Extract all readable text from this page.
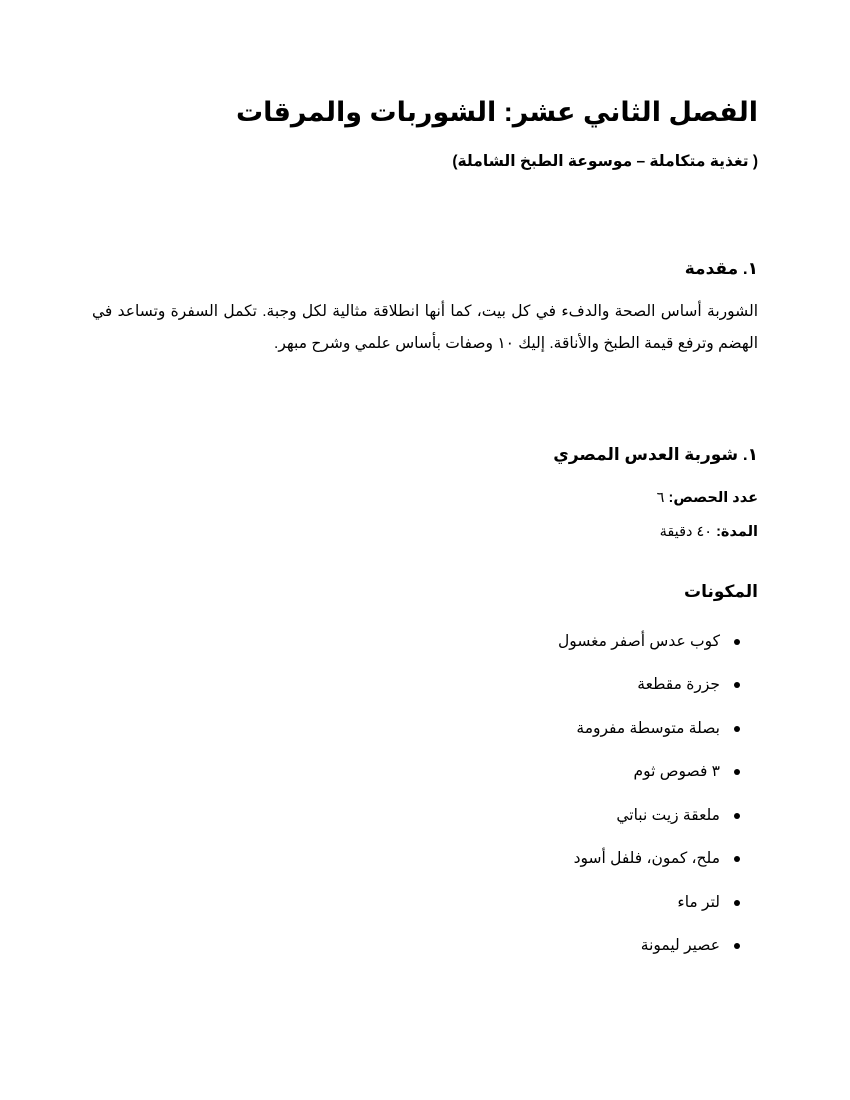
الفصل الثاني عشر: الشوربات والمرقات

( تغذية متكاملة – موسوعة الطبخ الشاملة)

١. مقدمة

الشوربة أساس الصحة والدفء في كل بيت، كما أنها انطلاقة مثالية لكل وجبة. تكمل السفرة وتساعد في الهضم وترفع قيمة الطبخ والأناقة. إليك ١٠ وصفات بأساس علمي وشرح مبهر.

١. شوربة العدس المصري

عدد الحصص: ٦

المدة: ٤٠ دقيقة

المكونات
كوب عدس أصفر مغسول
جزرة مقطعة
بصلة متوسطة مفرومة
٣ فصوص ثوم
ملعقة زيت نباتي
ملح، كمون، فلفل أسود
لتر ماء
عصير ليمونة
